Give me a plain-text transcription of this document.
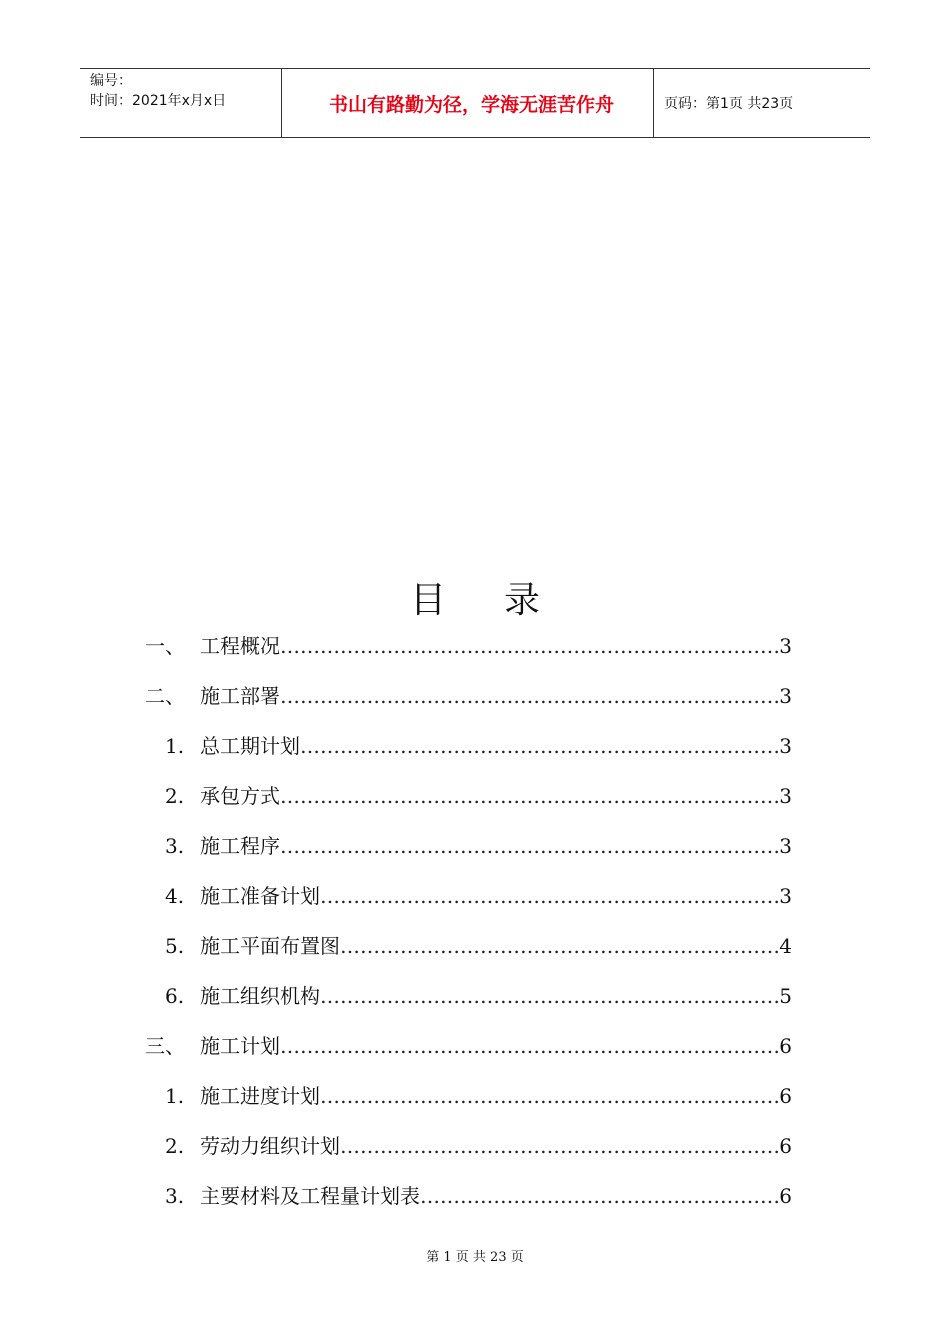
编号：
时间：2021年x月x日	书山有路勤为径，学海无涯苦作舟	页码：第1页 共23页
目录
一、 工程概况 …………………………………………………………………………………………………………………………	3
二、 施工部署 …………………………………………………………………………………………………………………………	3
1. 总工期计划 …………………………………………………………………………………………………………………………	3
2. 承包方式 …………………………………………………………………………………………………………………………	3
3. 施工程序 …………………………………………………………………………………………………………………………	3
4. 施工准备计划 …………………………………………………………………………………………………………………………	3
5. 施工平面布置图 …………………………………………………………………………………………………………………………	4
6. 施工组织机构 …………………………………………………………………………………………………………………………	5
三、 施工计划 …………………………………………………………………………………………………………………………	6
1. 施工进度计划 …………………………………………………………………………………………………………………………	6
2. 劳动力组织计划 …………………………………………………………………………………………………………………………	6
3. 主要材料及工程量计划表 …………………………………………………………………………………………………………………………	6
第 1 页 共 23 页
